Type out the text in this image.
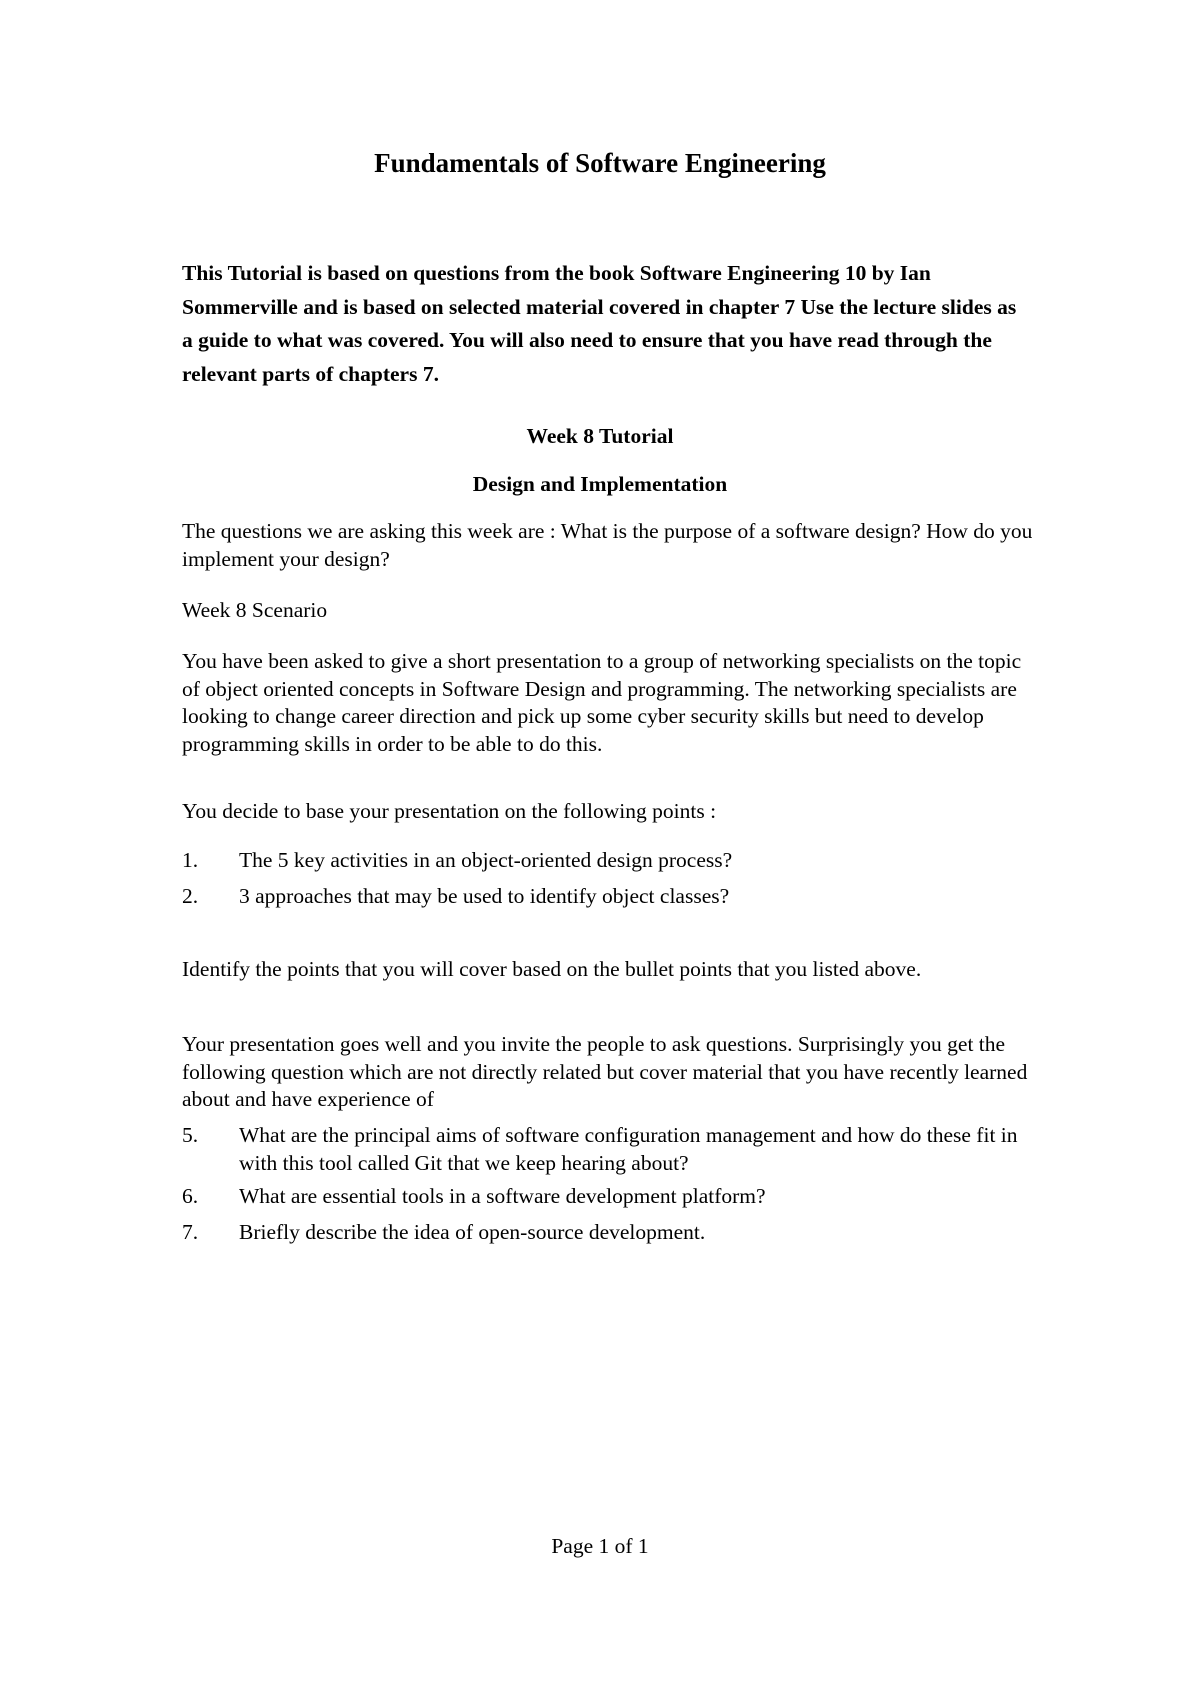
Fundamentals of Software Engineering
This Tutorial is based on questions from the book Software Engineering 10 by Ian Sommerville and is based on selected material covered in chapter 7 Use the lecture slides as a guide to what was covered. You will also need to ensure that you have read through the relevant parts of chapters 7.
Week 8 Tutorial
Design and Implementation
The questions we are asking this week are : What is the purpose of a software design? How do you implement your design?
Week 8 Scenario
You have been asked to give a short presentation to a group of networking specialists on the topic of object oriented concepts in Software Design and programming. The networking specialists are looking to change career direction and pick up some cyber security skills but need to develop programming skills in order to be able to do this.
You decide to base your presentation on the following points :
1.	The 5 key activities in an object-oriented design process?
2.	3 approaches that may be used to identify object classes?
Identify the points that you will cover based on the bullet points that you listed above.
Your presentation goes well and you invite the people to ask questions. Surprisingly you get the following question which are not directly related but cover material that you have recently learned about and have experience of
5.	What are the principal aims of software configuration management and how do these fit in with this tool called Git that we keep hearing about?
6.	What are essential tools in a software development platform?
7.	Briefly describe the idea of open-source development.
Page 1 of 1
